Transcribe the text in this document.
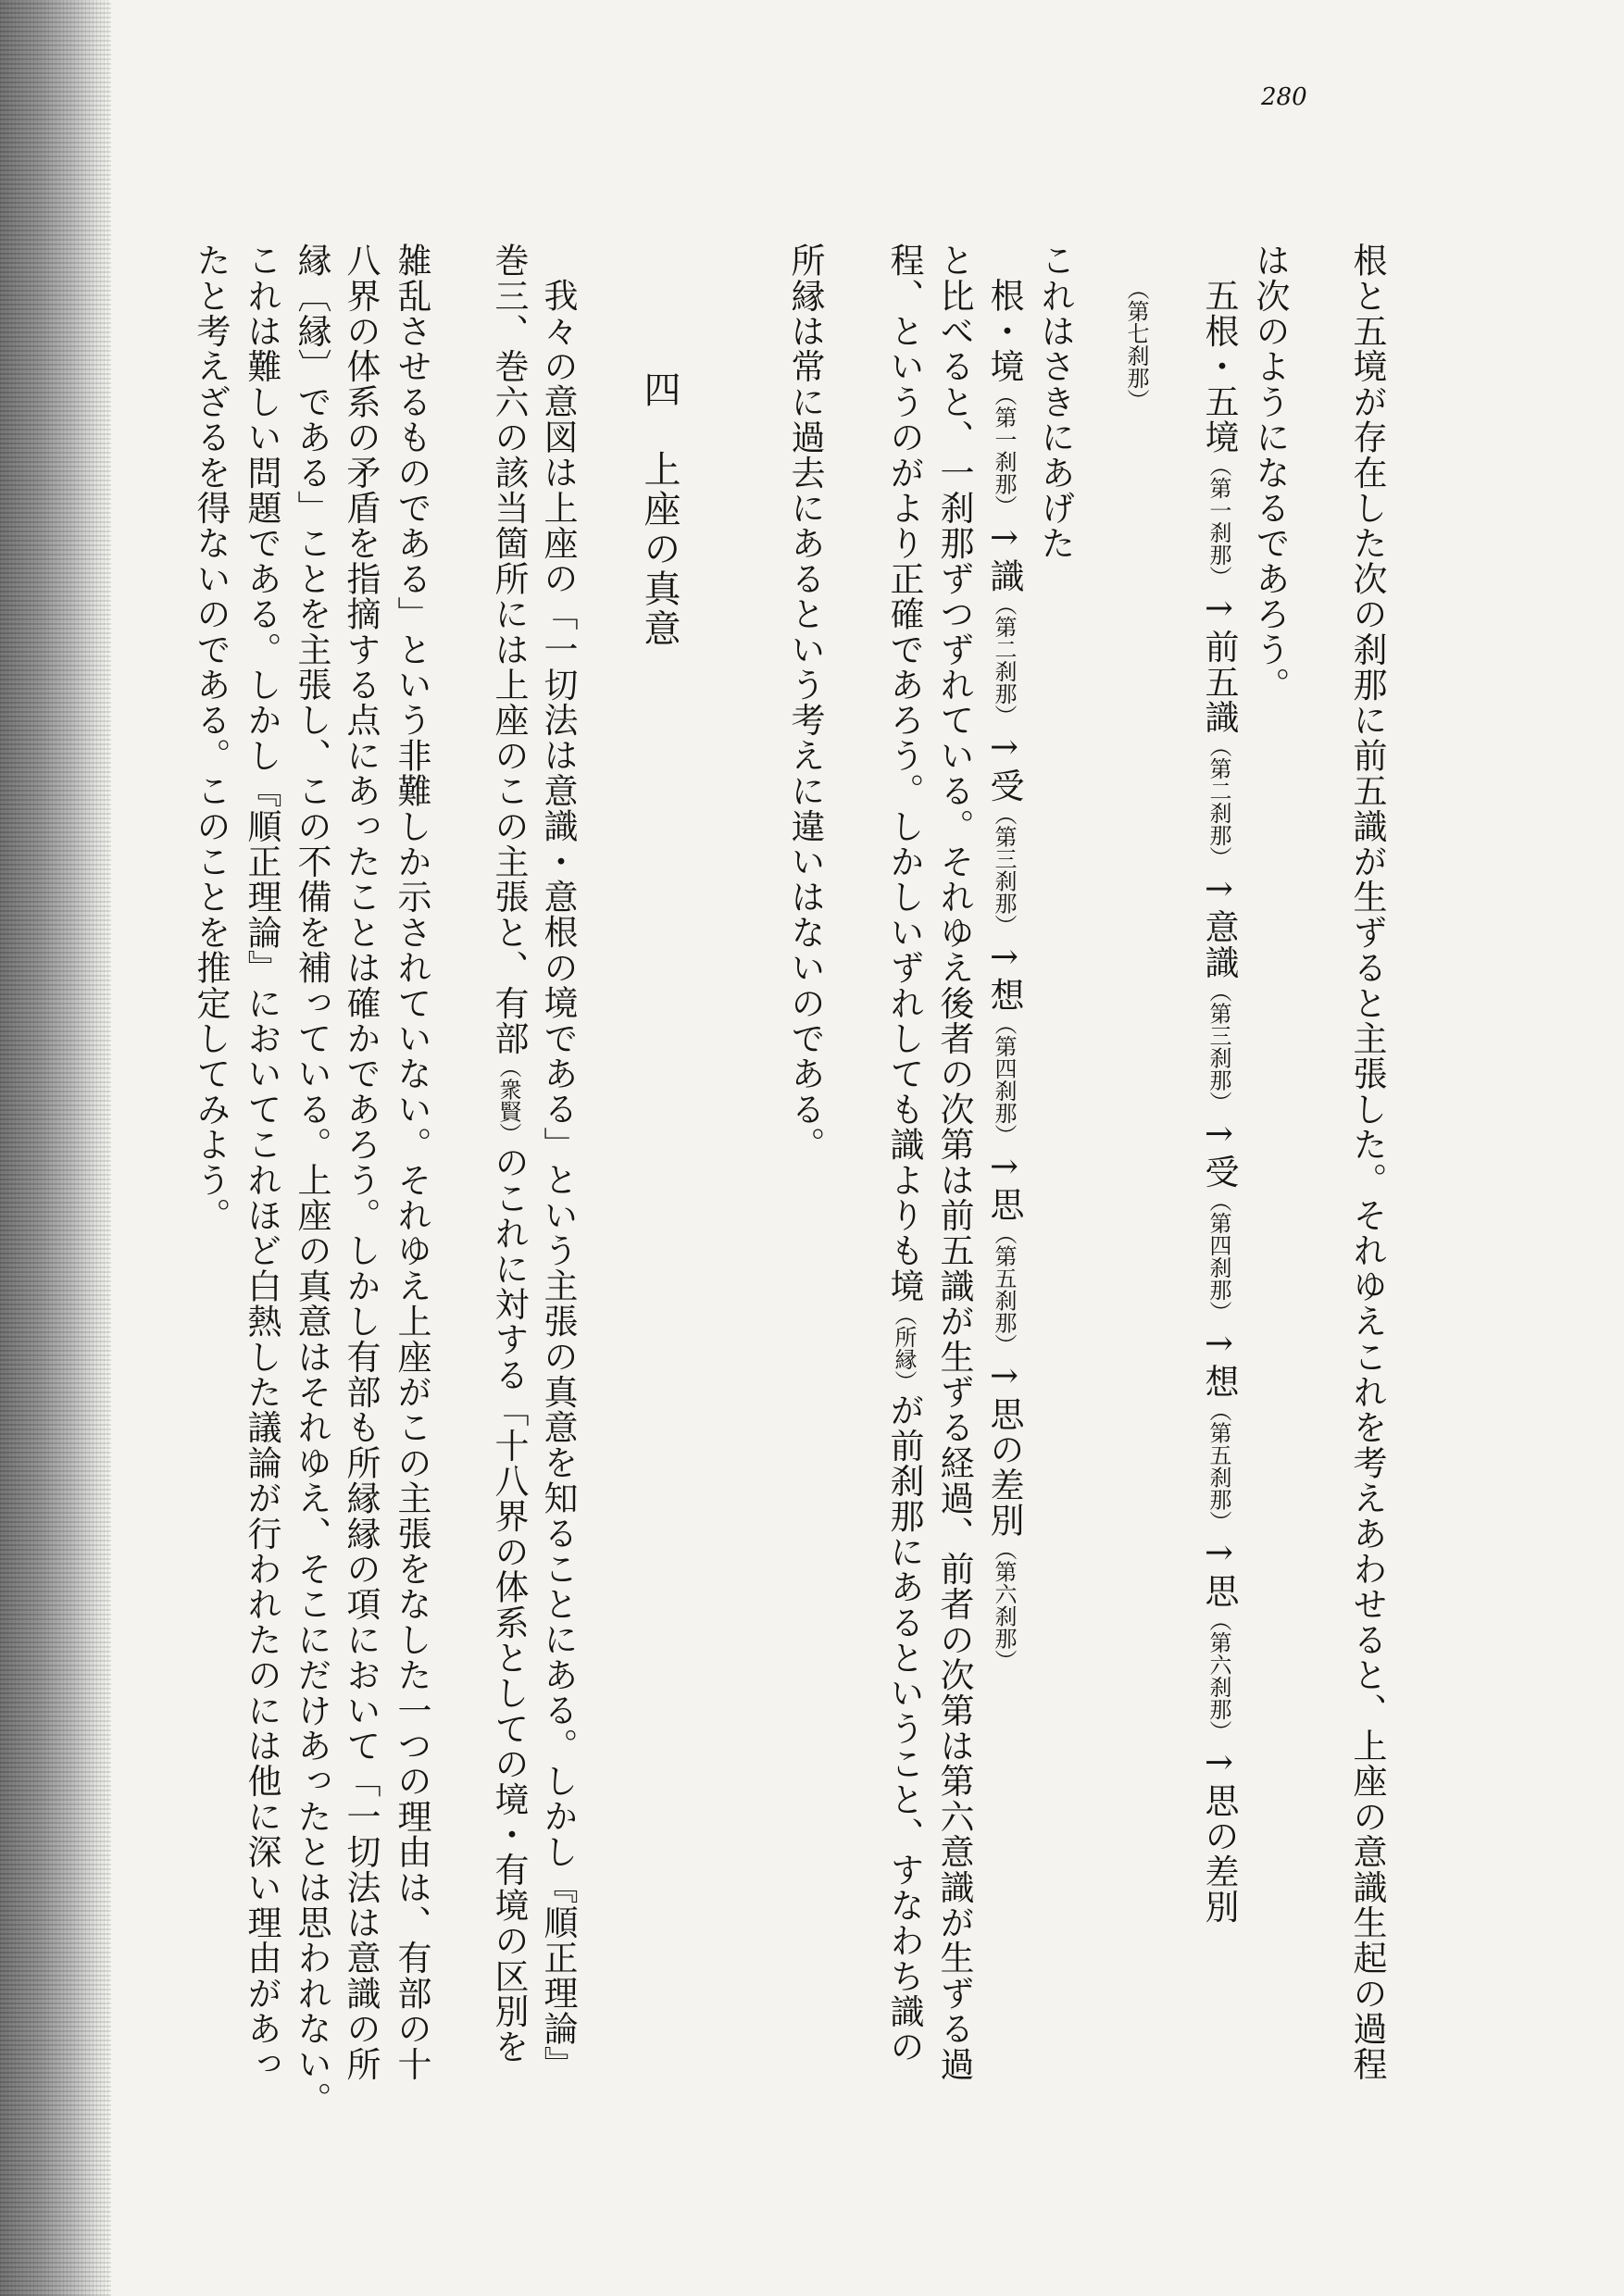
280
根と五境が存在した次の刹那に前五識が生ずると主張した。それゆえこれを考えあわせると、上座の意識生起の過程
は次のようになるであろう。
五根・五境（第一刹那）→前五識（第二刹那）→意識（第三刹那）→受（第四刹那）→想（第五刹那）→思（第六刹那）→思の差別
（第七刹那）
これはさきにあげた
根・境（第一刹那）→識（第二刹那）→受（第三刹那）→想（第四刹那）→思（第五刹那）→思の差別（第六刹那）
と比べると、一刹那ずつずれている。それゆえ後者の次第は前五識が生ずる経過、前者の次第は第六意識が生ずる過
程、というのがより正確であろう。しかしいずれしても識よりも境（所縁）が前刹那にあるということ、すなわち識の
所縁は常に過去にあるという考えに違いはないのである。
四　上座の真意
我々の意図は上座の「一切法は意識・意根の境である」という主張の真意を知ることにある。しかし『順正理論』
巻三、巻六の該当箇所には上座のこの主張と、有部（衆賢）のこれに対する「十八界の体系としての境・有境の区別を
雑乱させるものである」という非難しか示されていない。それゆえ上座がこの主張をなした一つの理由は、有部の十
八界の体系の矛盾を指摘する点にあったことは確かであろう。しかし有部も所縁縁の項において「一切法は意識の所
縁〔縁〕である」ことを主張し、この不備を補っている。上座の真意はそれゆえ、そこにだけあったとは思われない。
これは難しい問題である。しかし『順正理論』においてこれほど白熱した議論が行われたのには他に深い理由があっ
たと考えざるを得ないのである。このことを推定してみよう。
